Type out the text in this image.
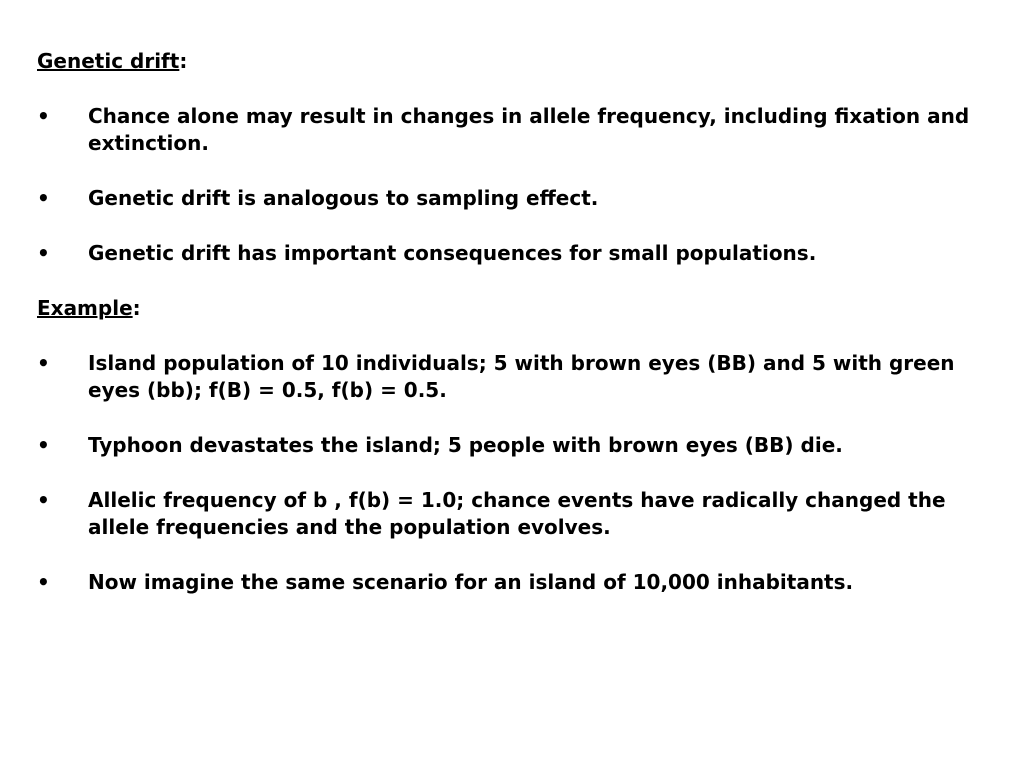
Genetic drift:

• Chance alone may result in changes in allele frequency, including fixation and extinction.
• Genetic drift is analogous to sampling effect.
• Genetic drift has important consequences for small populations.

Example:

• Island population of 10 individuals; 5 with brown eyes (BB) and 5 with green eyes (bb); f(B) = 0.5, f(b) = 0.5.
• Typhoon devastates the island; 5 people with brown eyes (BB) die.
• Allelic frequency of b , f(b) = 1.0; chance events have radically changed the allele frequencies and the population evolves.
• Now imagine the same scenario for an island of 10,000 inhabitants.
